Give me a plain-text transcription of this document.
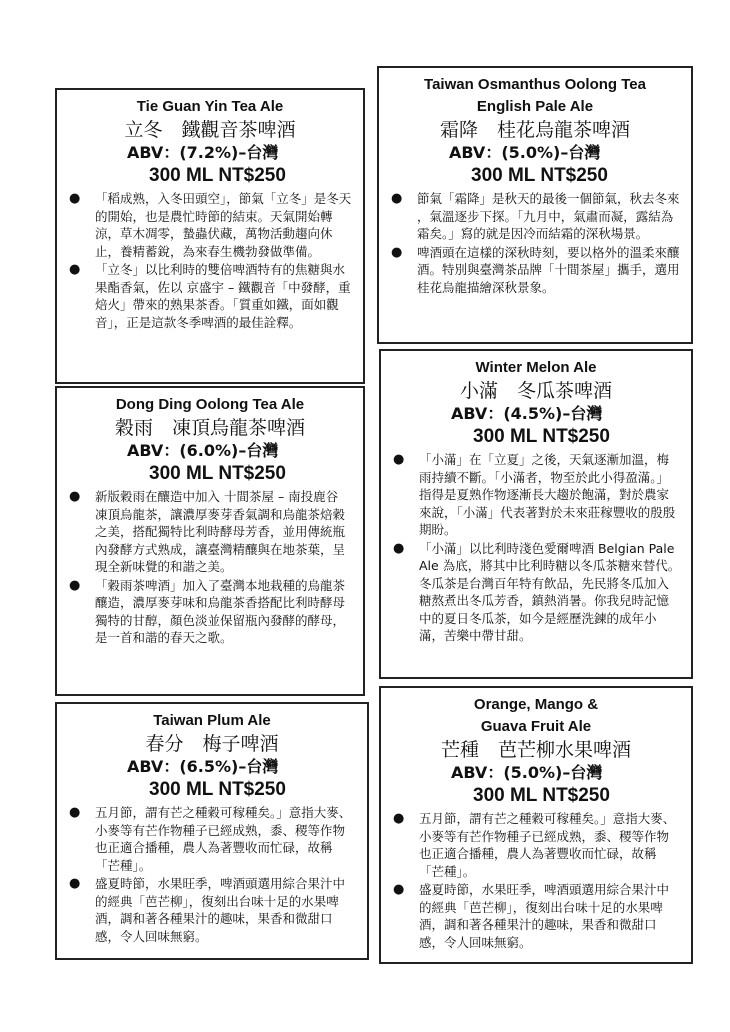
Tie Guan Yin Tea Ale
立冬　鐵觀音茶啤酒
ABV：(7.2%)–台灣
300 ML NT$250
● 「稻成熟，入冬田頭空」，節氣「立冬」是冬天的開始，也是農忙時節的結束。天氣開始轉涼，草木凋零，蟄蟲伏藏，萬物活動趨向休止，養精蓄銳，為來春生機勃發做準備。
● 「立冬」以比利時的雙倍啤酒特有的焦糖與水果酯香氣，佐以 京盛宇 – 鐵觀音「中發酵，重焙火」帶來的熟果茶香。「質重如鐵，面如觀音」，正是這款冬季啤酒的最佳詮釋。
Taiwan Osmanthus Oolong Tea
English Pale Ale
霜降　桂花烏龍茶啤酒
ABV：(5.0%)–台灣
300 ML NT$250
● 節氣「霜降」是秋天的最後一個節氣，秋去冬來 ，氣溫逐步下探。「九月中，氣肅而凝，露結為霜矣。」寫的就是因冷而結霜的深秋場景。
● 啤酒頭在這樣的深秋時刻，要以格外的溫柔來釀酒。特別與臺灣茶品牌「十間茶屋」攜手，選用桂花烏龍描繪深秋景象。
Dong Ding Oolong Tea Ale
穀雨　凍頂烏龍茶啤酒
ABV：(6.0%)–台灣
300 ML NT$250
● 新版穀雨在釀造中加入 十間茶屋 – 南投鹿谷 凍頂烏龍茶，讓濃厚麥芽香氣調和烏龍茶焙穀之美，搭配獨特比利時酵母芳香，並用傳統瓶內發酵方式熟成，讓臺灣精釀與在地茶葉，呈現全新味覺的和諧之美。
● 「穀雨茶啤酒」加入了臺灣本地栽種的烏龍茶釀造，濃厚麥芽味和烏龍茶香搭配比利時酵母獨特的甘醇，顏色淡並保留瓶內發酵的酵母，是一首和諧的春天之歌。
Winter Melon Ale
小滿　冬瓜茶啤酒
ABV：(4.5%)–台灣
300 ML NT$250
● 「小滿」在「立夏」之後，天氣逐漸加溫，梅雨持續不斷。「小滿者，物至於此小得盈滿。」指得是夏熟作物逐漸長大趨於飽滿，對於農家來說，「小滿」代表著對於未來莊稼豐收的殷殷期盼。
● 「小滿」以比利時淺色愛爾啤酒 Belgian Pale Ale 為底，將其中比利時糖以冬瓜茶糖來替代。冬瓜茶是台灣百年特有飲品，先民將冬瓜加入糖熬煮出冬瓜芳香，鎮熱消暑。你我兒時記憶中的夏日冬瓜茶，如今是經歷洗鍊的成年小滿，苦樂中帶甘甜。
Taiwan Plum Ale
春分　梅子啤酒
ABV：(6.5%)–台灣
300 ML NT$250
● 五月節，謂有芒之種穀可稼種矣。」意指大麥、小麥等有芒作物種子已經成熟，黍、稷等作物也正適合播種，農人為著豐收而忙碌，故稱「芒種」。
● 盛夏時節，水果旺季，啤酒頭選用綜合果汁中的經典「芭芒柳」，復刻出台味十足的水果啤酒，調和著各種果汁的趣味，果香和微甜口感，令人回味無窮。
Orange, Mango &
Guava Fruit Ale
芒種　芭芒柳水果啤酒
ABV：(5.0%)–台灣
300 ML NT$250
● 五月節，謂有芒之種穀可稼種矣。」意指大麥、小麥等有芒作物種子已經成熟，黍、稷等作物也正適合播種，農人為著豐收而忙碌，故稱「芒種」。
● 盛夏時節，水果旺季，啤酒頭選用綜合果汁中的經典「芭芒柳」，復刻出台味十足的水果啤酒，調和著各種果汁的趣味，果香和微甜口感，令人回味無窮。
